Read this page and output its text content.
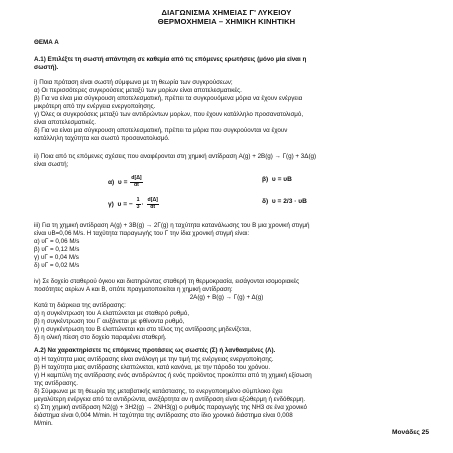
ΔΙΑΓΩΝΙΣΜΑ ΧΗΜΕΙΑΣ Γ' ΛΥΚΕΙΟΥ
ΘΕΡΜΟΧΗΜΕΙΑ – ΧΗΜΙΚΗ ΚΙΝΗΤΙΚΗ
ΘΕΜΑ Α
Α.1) Επιλέξτε τη σωστή απάντηση σε καθεμία από τις επόμενες ερωτήσεις (μόνο μία είναι η
σωστή).
i) Ποια πρόταση είναι σωστή σύμφωνα με τη θεωρία των συγκρούσεων;
α) Οι περισσότερες συγκρούσεις μεταξύ των μορίων είναι αποτελεσματικές.
β) Για να είναι μια σύγκρουση αποτελεσματική, πρέπει τα συγκρουόμενα μόρια να έχουν ενέργεια
μικρότερη από την ενέργεια ενεργοποίησης.
γ) Όλες οι συγκρούσεις μεταξύ των αντιδρώντων μορίων, που έχουν κατάλληλο προσανατολισμό,
είναι αποτελεσματικές.
δ) Για να είναι μια σύγκρουση αποτελεσματική, πρέπει τα μόρια που συγκρούονται να έχουν
κατάλληλη ταχύτητα και σωστό προσανατολισμό.
ii) Ποια από τις επόμενες σχέσεις που αναφέρονται στη χημική αντίδραση A(g) + 2B(g) → Γ(g) + 3Δ(g)
είναι σωστή;
α) $\upsilon = \frac{d[\Delta]}{dt}$	β) υ = υB
γ) υ = − $\frac{1}{3} \cdot \frac{d[\Delta]}{dt}$	δ) υ = 2/3 · υB
iii) Για τη χημική αντίδραση A(g) + 3B(g) → 2Γ(g) η ταχύτητα κατανάλωσης του B μια χρονική στιγμή
είναι υB=0,06 M/s. Η ταχύτητα παραγωγής του Γ την ίδια χρονική στιγμή είναι:
α) υΓ = 0,06 M/s
β) υΓ = 0,12 M/s
γ) υΓ = 0,04 M/s
δ) υΓ = 0,02 M/s
iv) Σε δοχείο σταθερού όγκου και διατηρώντας σταθερή τη θερμοκρασία, εισάγονται ισομοριακές
ποσότητες αερίων A και B, οπότε πραγματοποιείται η χημική αντίδραση:
2A(g) + B(g) → Γ(g) + Δ(g)
Κατά τη διάρκεια της αντίδρασης:
α) η συγκέντρωση του A ελαττώνεται με σταθερό ρυθμό,
β) η συγκέντρωση του Γ αυξάνεται με φθίνοντα ρυθμό,
γ) η συγκέντρωση του B ελαττώνεται και στο τέλος της αντίδρασης μηδενίζεται,
δ) η ολική πίεση στο δοχείο παραμένει σταθερή.
Α.2) Να χαρακτηρίσετε τις επόμενες προτάσεις ως σωστές (Σ) ή λανθασμένες (Λ).
α) Η ταχύτητα μιας αντίδρασης είναι ανάλογη με την τιμή της ενέργειας ενεργοποίησης.
β) Η ταχύτητα μιας αντίδρασης ελαττώνεται, κατά κανόνα, με την πάροδο του χρόνου.
γ) Η καμπύλη της αντίδρασης ενός αντιδρώντος ή ενός προϊόντος προκύπτει από τη χημική εξίσωση
της αντίδρασης.
δ) Σύμφωνα με τη θεωρία της μεταβατικής κατάστασης, το ενεργοποιημένο σύμπλοκο έχει
μεγαλύτερη ενέργεια από τα αντιδρώντα, ανεξάρτητα αν η αντίδραση είναι εξώθερμη ή ενδόθερμη.
ε) Στη χημική αντίδραση N2(g) + 3H2(g) → 2NH3(g) ο ρυθμός παραγωγής της NH3 σε ένα χρονικό
διάστημα είναι 0,004 M/min. Η ταχύτητα της αντίδρασης στο ίδιο χρονικό διάστημα είναι 0,008
M/min.
Μονάδες 25
